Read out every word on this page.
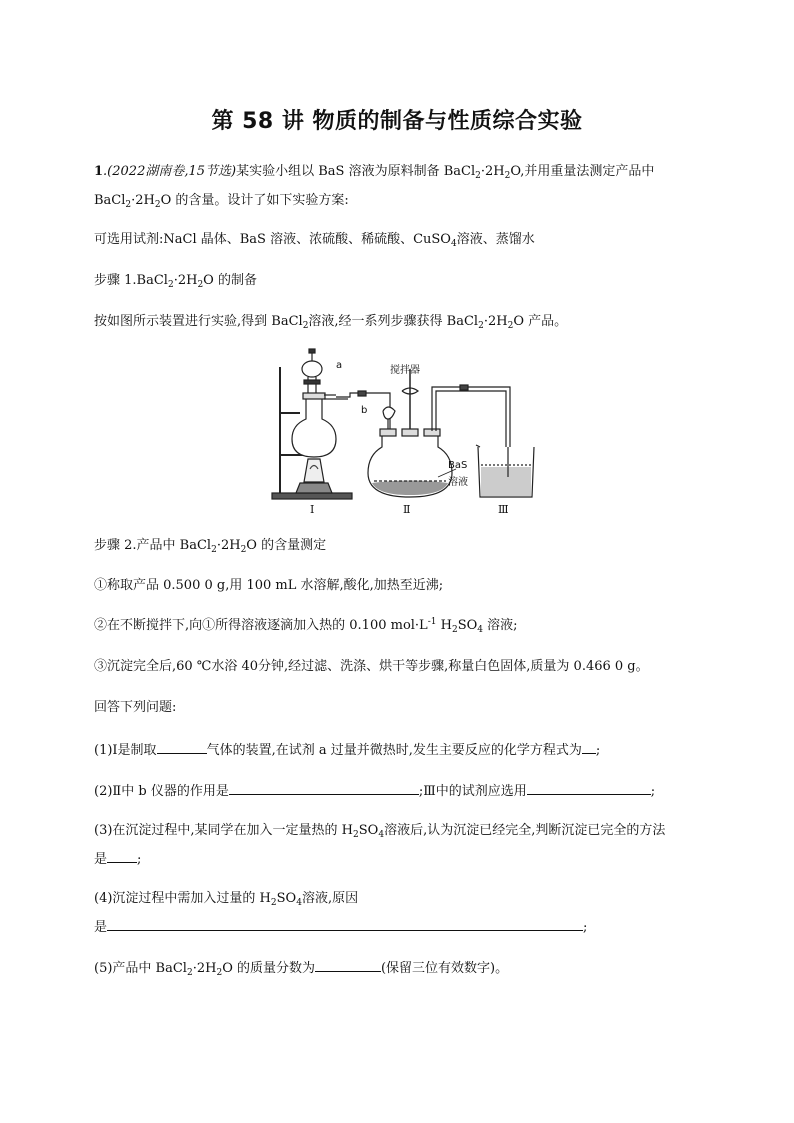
第 58 讲 物质的制备与性质综合实验
1.(2022湖南卷,15节选)某实验小组以 BaS 溶液为原料制备 $BaCl_2\cdot 2H_2O$,并用重量法测定产品中
$BaCl_2\cdot 2H_2O$ 的含量。设计了如下实验方案:
可选用试剂:NaCl 晶体、BaS 溶液、浓硫酸、稀硫酸、CuSO$_4$溶液、蒸馏水
步骤 $1.BaCl_2\cdot 2H_2O$ 的制备
按如图所示装置进行实验,得到 BaCl$_2$溶液,经一系列步骤获得 $BaCl_2\cdot 2H_2O$ 产品。
a	搅拌器
b
BaS
溶液
Ⅰ	Ⅱ	Ⅲ
步骤 2.产品中 $BaCl_2\cdot 2H_2O$ 的含量测定
①称取产品 0.500 0 g,用 100 mL 水溶解,酸化,加热至近沸;
②在不断搅拌下,向①所得溶液逐滴加入热的 0.100 $mol\cdot L^{-1}$ $H_2SO_4$ 溶液;
③沉淀完全后,60 ℃水浴 40分钟,经过滤、洗涤、烘干等步骤,称量白色固体,质量为 0.466 0 g。
回答下列问题:
(1)Ⅰ是制取	气体的装置,在试剂 a 过量并微热时,发生主要反应的化学方程式为 ;
(2)Ⅱ中 b 仪器的作用是	;Ⅲ中的试剂应选用	;
(3)在沉淀过程中,某同学在加入一定量热的 $H_2SO_4$溶液后,认为沉淀已经完全,判断沉淀已完全的方法
是 ;
(4)沉淀过程中需加入过量的 $H_2SO_4$溶液,原因
是	;
(5)产品中 $BaCl_2\cdot 2H_2O$ 的质量分数为	(保留三位有效数字)。
